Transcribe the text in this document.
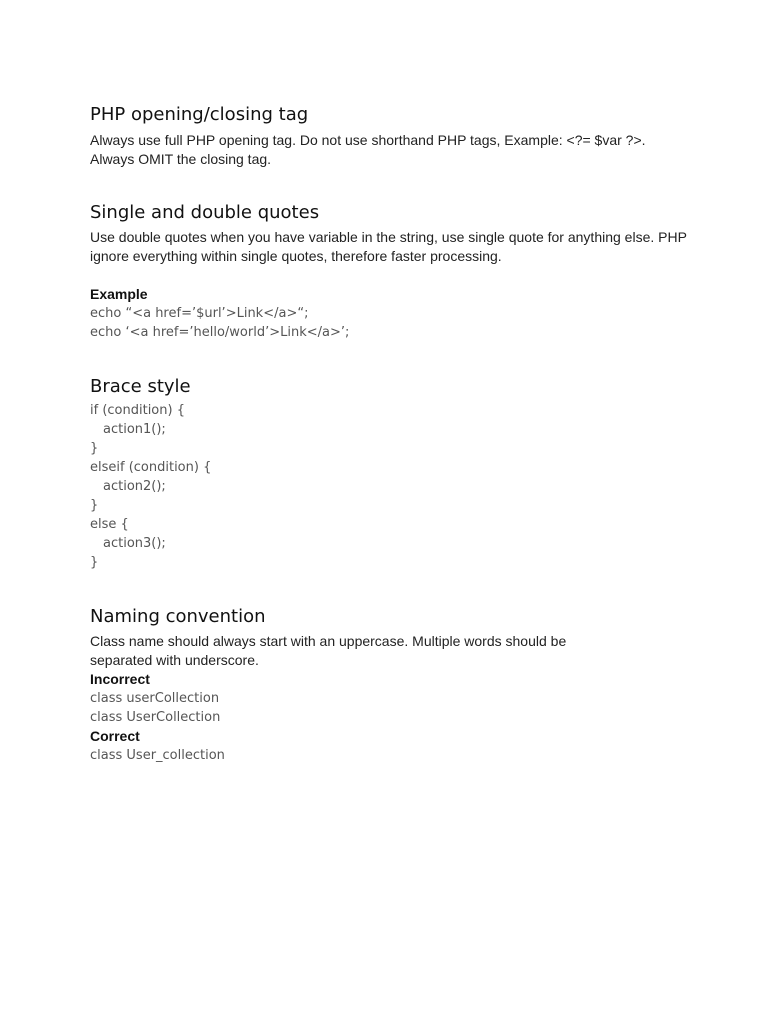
PHP opening/closing tag

Always use full PHP opening tag. Do not use shorthand PHP tags, Example: <?= $var ?>.

Always OMIT the closing tag.

Single and double quotes

Use double quotes when you have variable in the string, use single quote for anything else. PHP

ignore everything within single quotes, therefore faster processing.

Example

echo “<a href=’$url’>Link</a>“;

echo ‘<a href=’hello/world’>Link</a>’;

Brace style

if (condition) {

action1();

}

elseif (condition) {

action2();

}

else {

action3();

}

Naming convention

Class name should always start with an uppercase. Multiple words should be

separated with underscore.

Incorrect

class userCollection

class UserCollection

Correct

class User_collection
